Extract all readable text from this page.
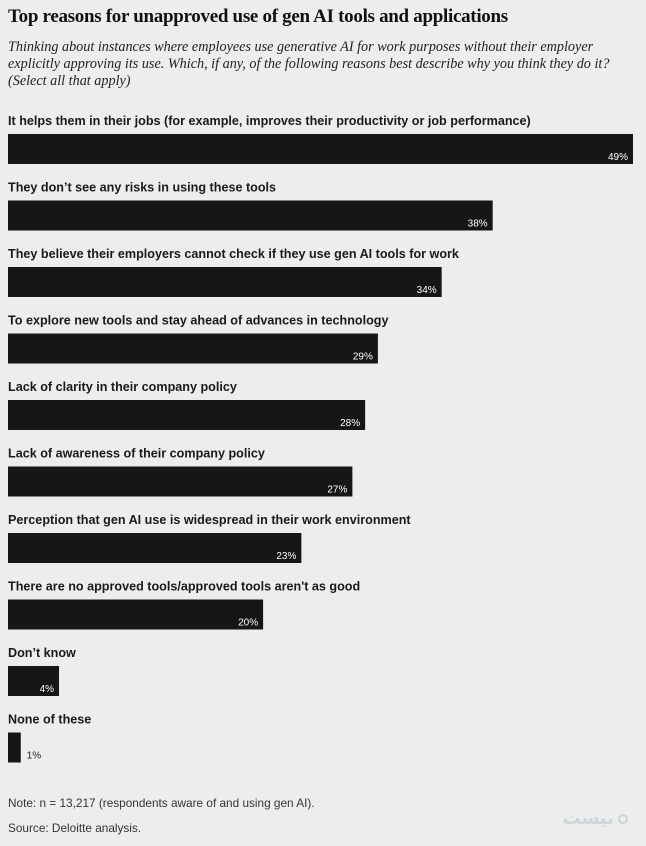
Top reasons for unapproved use of gen AI tools and applications
Thinking about instances where employees use generative AI for work purposes without their employer explicitly approving its use. Which, if any, of the following reasons best describe why you think they do it? (Select all that apply)
It helps them in their jobs (for example, improves their productivity or job performance)
49%
They don’t see any risks in using these tools
38%
They believe their employers cannot check if they use gen AI tools for work
34%
To explore new tools and stay ahead of advances in technology
29%
Lack of clarity in their company policy
28%
Lack of awareness of their company policy
27%
Perception that gen AI use is widespread in their work environment
23%
There are no approved tools/approved tools aren't as good
20%
Don’t know
4%
None of these
1%
Note: n = 13,217 (respondents aware of and using gen AI).
Source: Deloitte analysis.	بیست
